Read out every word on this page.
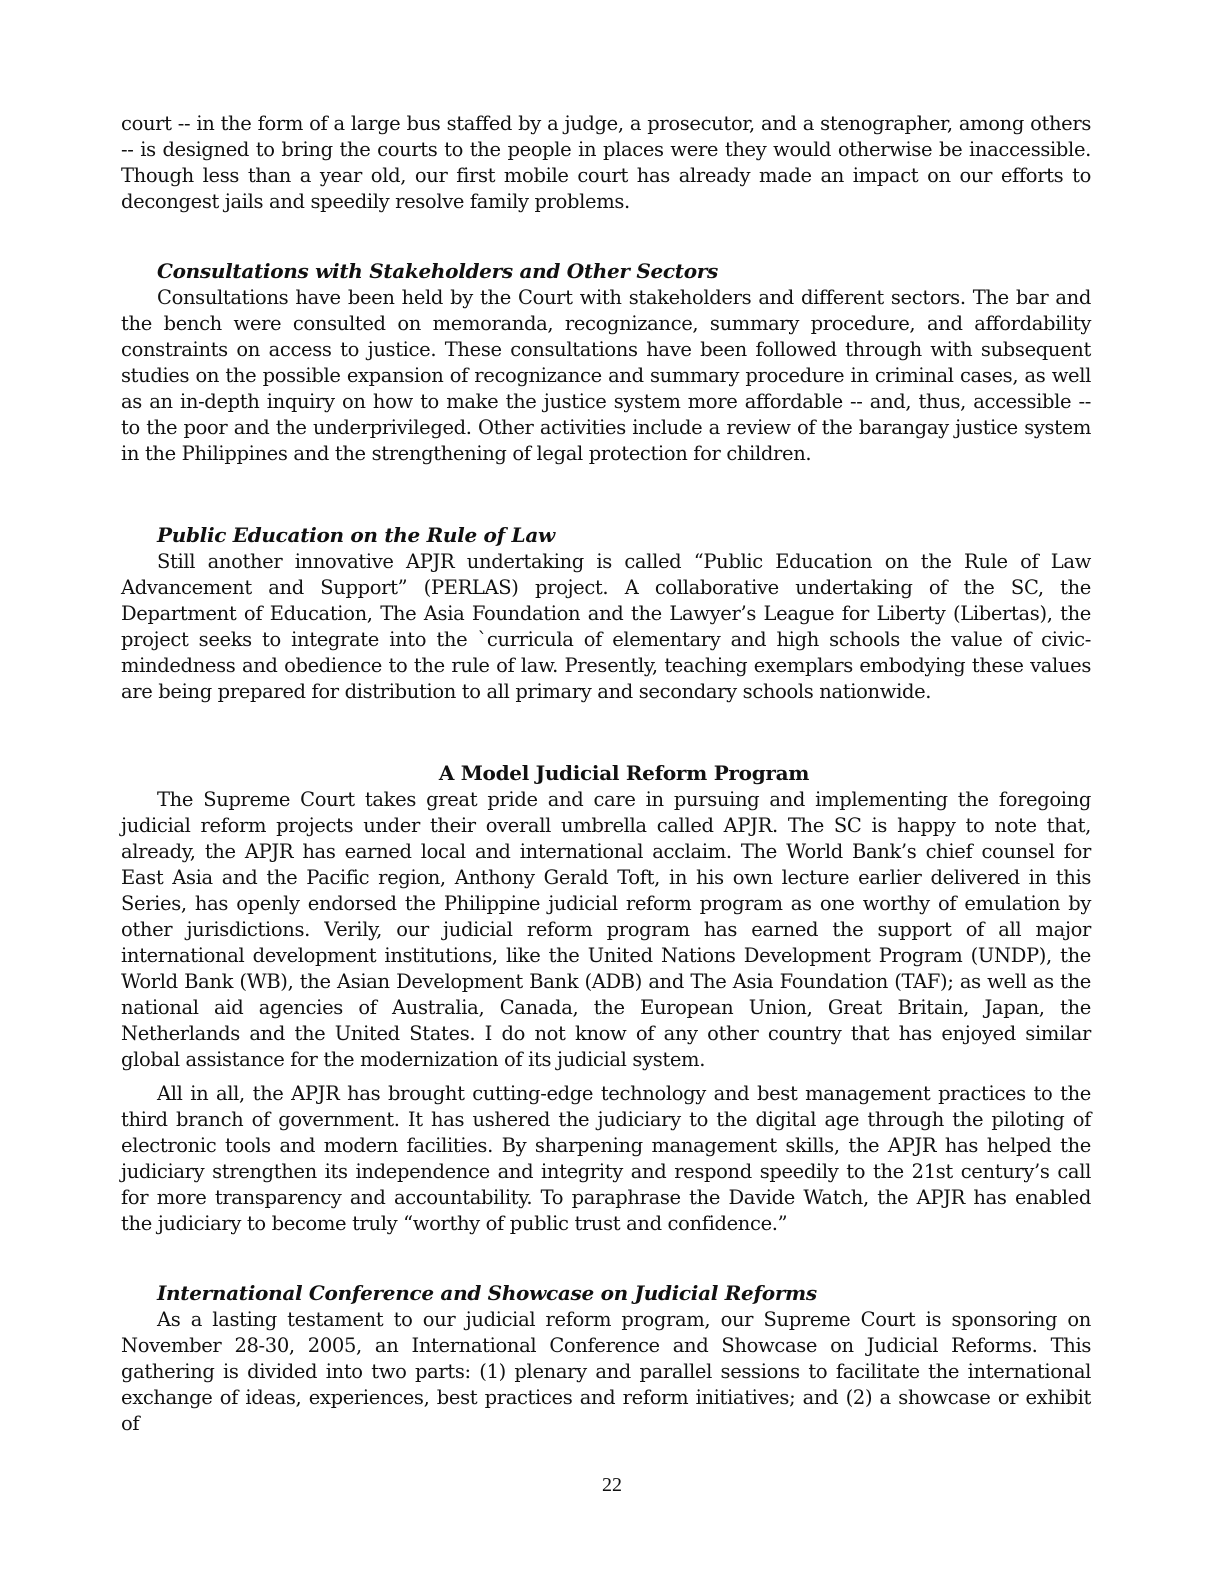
court -- in the form of a large bus staffed by a judge, a prosecutor, and a stenographer, among others -- is designed to bring the courts to the people in places were they would otherwise be inaccessible. Though less than a year old, our first mobile court has already made an impact on our efforts to decongest jails and speedily resolve family problems.

Consultations with Stakeholders and Other Sectors

Consultations have been held by the Court with stakeholders and different sectors. The bar and the bench were consulted on memoranda, recognizance, summary procedure, and affordability constraints on access to justice. These consultations have been followed through with subsequent studies on the possible expansion of recognizance and summary procedure in criminal cases, as well as an in-depth inquiry on how to make the justice system more affordable -- and, thus, accessible -- to the poor and the underprivileged. Other activities include a review of the barangay justice system in the Philippines and the strengthening of legal protection for children.

Public Education on the Rule of Law

Still another innovative APJR undertaking is called “Public Education on the Rule of Law Advancement and Support” (PERLAS) project. A collaborative undertaking of the SC, the Department of Education, The Asia Foundation and the Lawyer’s League for Liberty (Libertas), the project seeks to integrate into the `curricula of elementary and high schools the value of civic-mindedness and obedience to the rule of law. Presently, teaching exemplars embodying these values are being prepared for distribution to all primary and secondary schools nationwide.

A Model Judicial Reform Program

The Supreme Court takes great pride and care in pursuing and implementing the foregoing judicial reform projects under their overall umbrella called APJR. The SC is happy to note that, already, the APJR has earned local and international acclaim. The World Bank’s chief counsel for East Asia and the Pacific region, Anthony Gerald Toft, in his own lecture earlier delivered in this Series, has openly endorsed the Philippine judicial reform program as one worthy of emulation by other jurisdictions. Verily, our judicial reform program has earned the support of all major international development institutions, like the United Nations Development Program (UNDP), the World Bank (WB), the Asian Development Bank (ADB) and The Asia Foundation (TAF); as well as the national aid agencies of Australia, Canada, the European Union, Great Britain, Japan, the Netherlands and the United States. I do not know of any other country that has enjoyed similar global assistance for the modernization of its judicial system.

All in all, the APJR has brought cutting-edge technology and best management practices to the third branch of government. It has ushered the judiciary to the digital age through the piloting of electronic tools and modern facilities. By sharpening management skills, the APJR has helped the judiciary strengthen its independence and integrity and respond speedily to the 21st century’s call for more transparency and accountability. To paraphrase the Davide Watch, the APJR has enabled the judiciary to become truly “worthy of public trust and confidence.”

International Conference and Showcase on Judicial Reforms

As a lasting testament to our judicial reform program, our Supreme Court is sponsoring on November 28-30, 2005, an International Conference and Showcase on Judicial Reforms. This gathering is divided into two parts: (1) plenary and parallel sessions to facilitate the international exchange of ideas, experiences, best practices and reform initiatives; and (2) a showcase or exhibit of

22
